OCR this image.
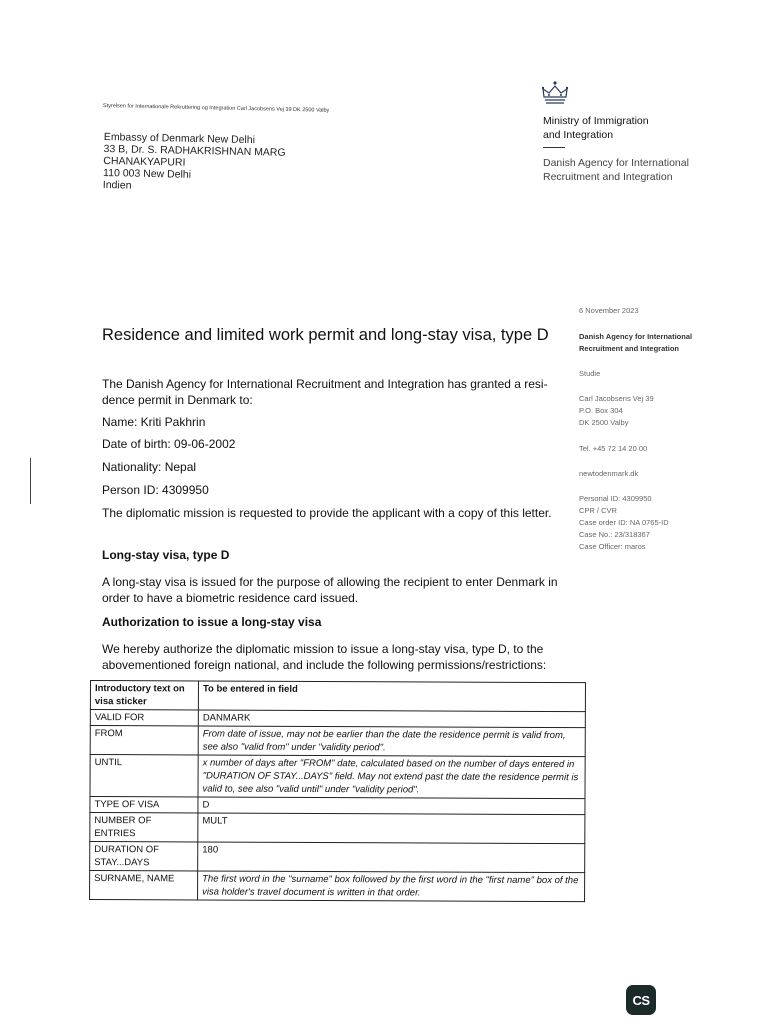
Styrelsen for Internationale Rekruttering og Integration Carl Jacobsens Vej 39 DK 2500 Valby
Embassy of Denmark New Delhi
33 B, Dr. S. RADHAKRISHNAN MARG
CHANAKYAPURI
110 003 New Delhi
Indien
Ministry of Immigration
and Integration
Danish Agency for International
Recruitment and Integration
6 November 2023
Danish Agency for International
Recruitment and Integration
Studie
Carl Jacobsens Vej 39
P.O. Box 304
DK 2500 Valby
Tel. +45 72 14 20 00
newtodenmark.dk
Personal ID: 4309950
CPR / CVR
Case order ID: NA 0765-ID
Case No.: 23/318367
Case Officer: maros
Residence and limited work permit and long-stay visa, type D
The Danish Agency for International Recruitment and Integration has granted a resi-dence permit in Denmark to:
Name: Kriti Pakhrin
Date of birth: 09-06-2002
Nationality: Nepal
Person ID: 4309950
The diplomatic mission is requested to provide the applicant with a copy of this letter.
Long-stay visa, type D
A long-stay visa is issued for the purpose of allowing the recipient to enter Denmark in order to have a biometric residence card issued.
Authorization to issue a long-stay visa
We hereby authorize the diplomatic mission to issue a long-stay visa, type D, to the abovementioned foreign national, and include the following permissions/restrictions:
Introductory text on visa sticker	To be entered in field
VALID FOR	DANMARK
FROM	From date of issue, may not be earlier than the date the residence permit is valid from, see also "valid from" under "validity period".
UNTIL	x number of days after "FROM" date, calculated based on the number of days entered in "DURATION OF STAY...DAYS" field. May not extend past the date the residence permit is valid to, see also "valid until" under "validity period".
TYPE OF VISA	D
NUMBER OF ENTRIES	MULT
DURATION OF STAY...DAYS	180
SURNAME, NAME	The first word in the "surname" box followed by the first word in the "first name" box of the visa holder's travel document is written in that order.
CS
